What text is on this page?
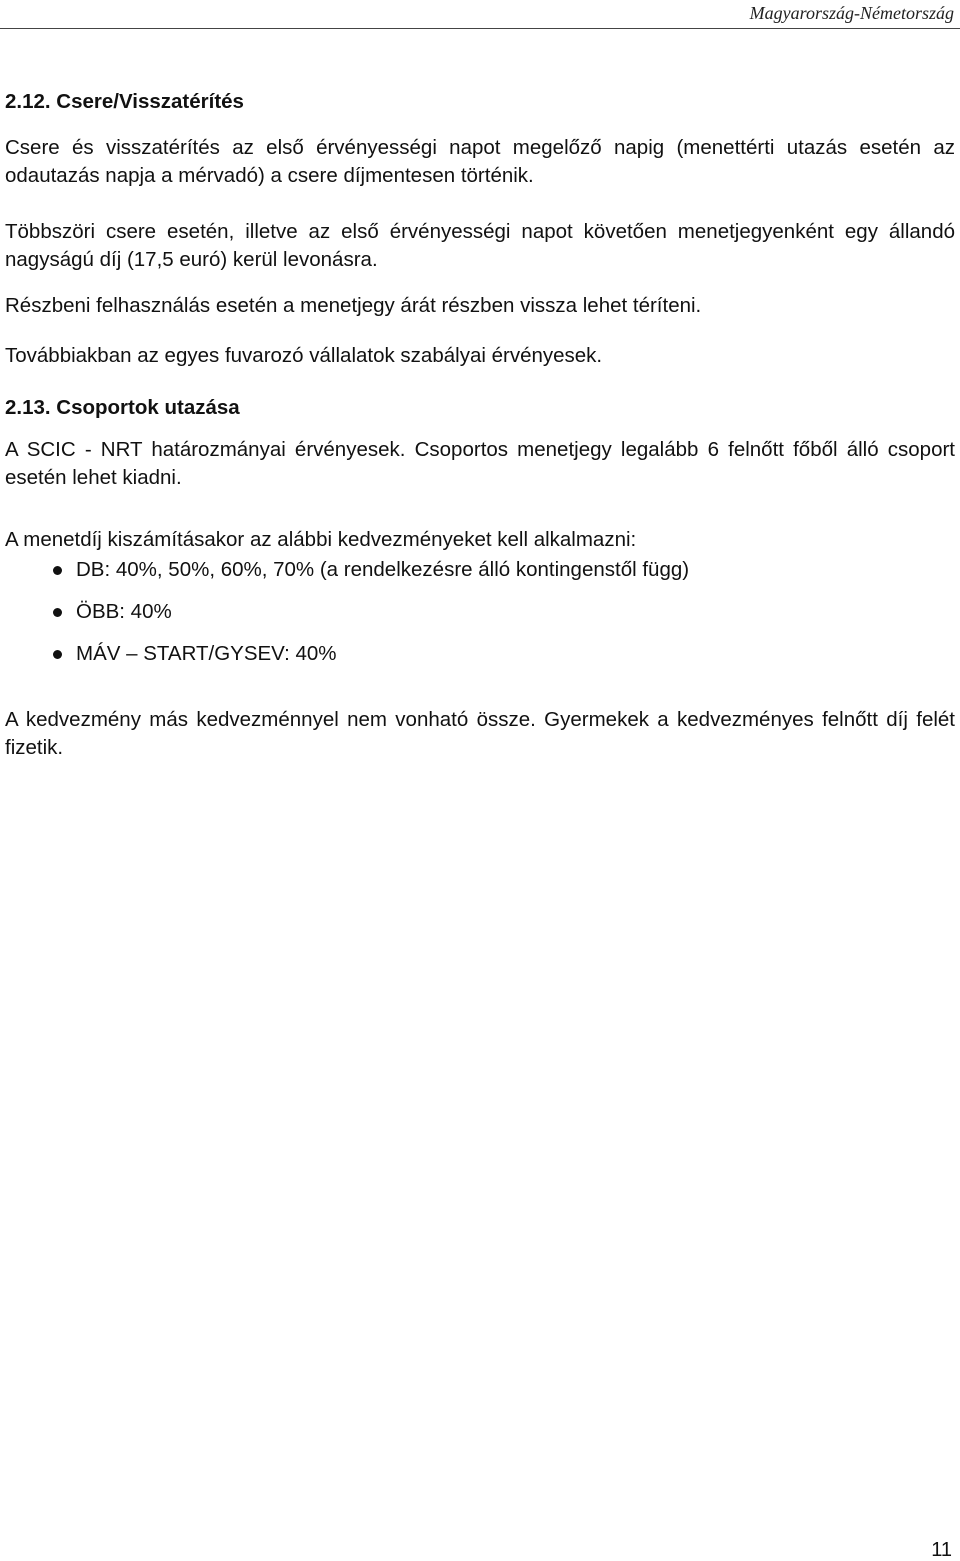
Magyarország-Németország
2.12. Csere/Visszatérítés

Csere és visszatérítés az első érvényességi napot megelőző napig (menettérti utazás esetén az odautazás napja a mérvadó) a csere díjmentesen történik.

Többszöri csere esetén, illetve az első érvényességi napot követően menetjegyenként egy állandó nagyságú díj (17,5 euró) kerül levonásra.

Részbeni felhasználás esetén a menetjegy árát részben vissza lehet téríteni.

Továbbiakban az egyes fuvarozó vállalatok szabályai érvényesek.

2.13. Csoportok utazása

A SCIC - NRT határozmányai érvényesek. Csoportos menetjegy legalább 6 felnőtt főből álló csoport esetén lehet kiadni.

A menetdíj kiszámításakor az alábbi kedvezményeket kell alkalmazni:

DB: 40%, 50%, 60%, 70% (a rendelkezésre álló kontingenstől függ)
ÖBB: 40%
MÁV – START/GYSEV: 40%

A kedvezmény más kedvezménnyel nem vonható össze. Gyermekek a kedvezményes felnőtt díj felét fizetik.

11
